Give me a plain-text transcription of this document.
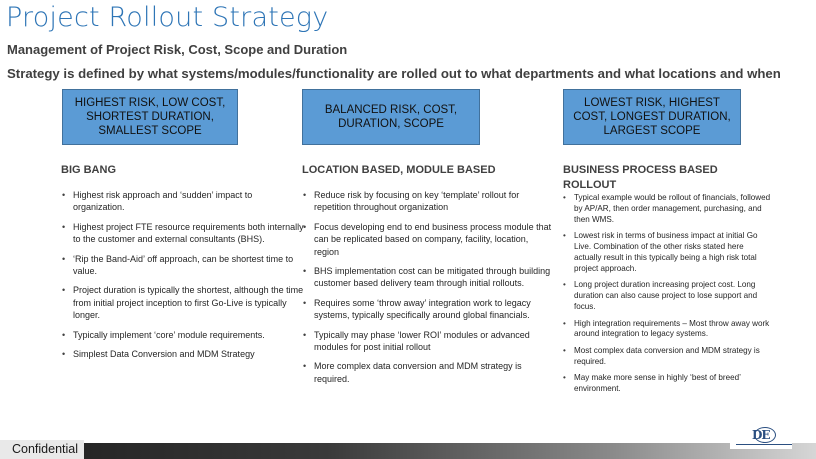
Project Rollout Strategy
Management of Project Risk, Cost, Scope and Duration
Strategy is defined by what systems/modules/functionality are rolled out to what departments and what locations and when
HIGHEST RISK, LOW COST, SHORTEST DURATION, SMALLEST SCOPE
BALANCED RISK, COST, DURATION, SCOPE
LOWEST RISK, HIGHEST COST, LONGEST DURATION, LARGEST SCOPE
BIG BANG	LOCATION BASED, MODULE BASED	BUSINESS PROCESS BASED ROLLOUT
• Highest risk approach and ‘sudden’ impact to organization.
• Highest project FTE resource requirements both internally to the customer and external consultants (BHS).
• ‘Rip the Band-Aid’ off approach, can be shortest time to value.
• Project duration is typically the shortest, although the time from initial project inception to first Go-Live is typically longer.
• Typically implement ‘core’ module requirements.
• Simplest Data Conversion and MDM Strategy
• Reduce risk by focusing on key ‘template’ rollout for repetition throughout organization
• Focus developing end to end business process module that can be replicated based on company, facility, location, region
• BHS implementation cost can be mitigated through building customer based delivery team through initial rollouts.
• Requires some ‘throw away’ integration work to legacy systems, typically specifically around global financials.
• Typically may phase ‘lower ROI’ modules or advanced modules for post initial rollout
• More complex data conversion and MDM strategy is required.
• Typical example would be rollout of financials, followed by AP/AR, then order management, purchasing, and then WMS.
• Lowest risk in terms of business impact at initial Go Live. Combination of the other risks stated here actually result in this typically being a high risk total project approach.
• Long project duration increasing project cost. Long duration can also cause project to lose support and focus.
• High integration requirements – Most throw away work around integration to legacy systems.
• Most complex data conversion and MDM strategy is required.
• May make more sense in highly ‘best of breed’ environment.
Confidential
DE
